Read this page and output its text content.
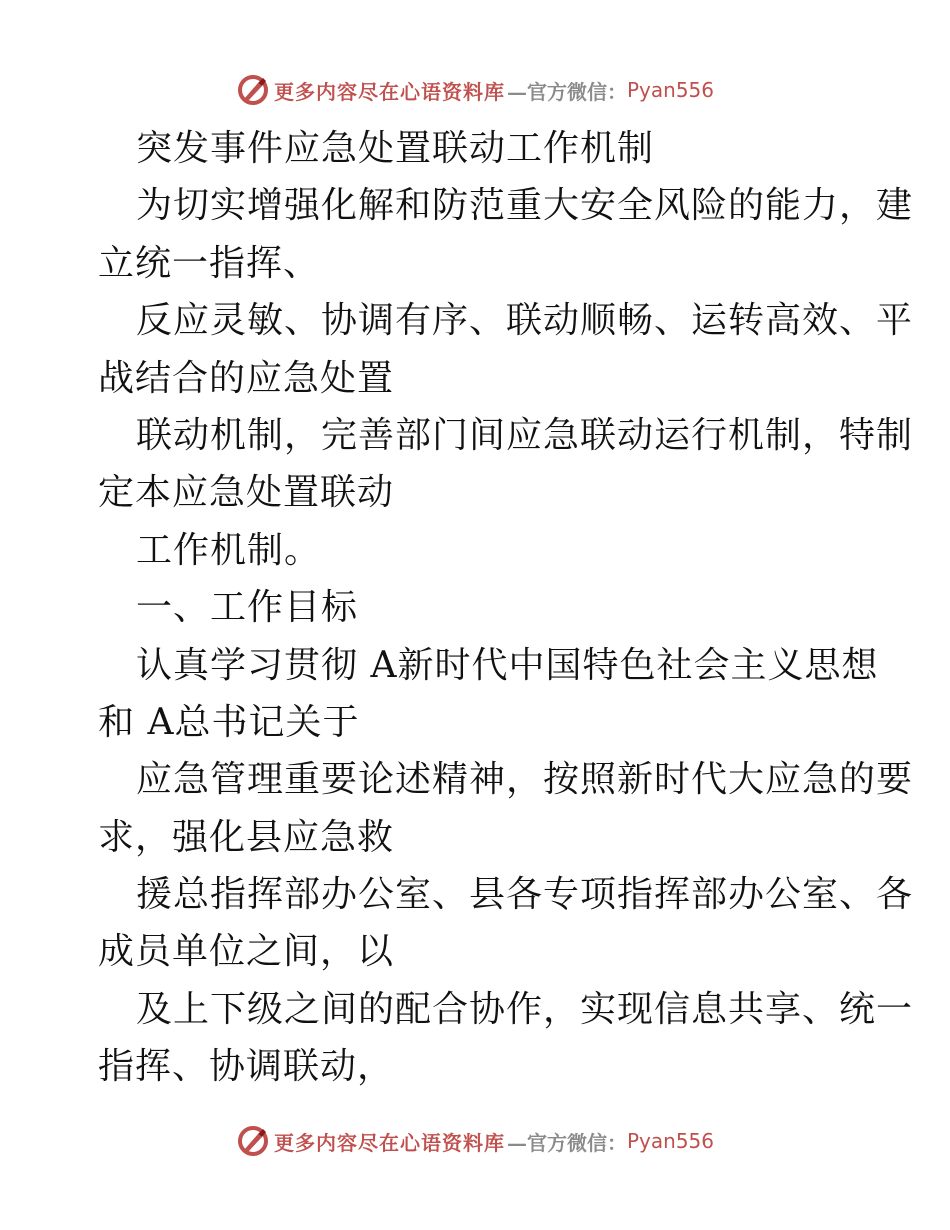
更多内容尽在心语资料库 —官方微信： Pyan556
突发事件应急处置联动工作机制
为切实增强化解和防范重大安全风险的能力，建
立统一指挥、
反应灵敏、协调有序、联动顺畅、运转高效、平
战结合的应急处置
联动机制，完善部门间应急联动运行机制，特制
定本应急处置联动
工作机制。
一、工作目标
认真学习贯彻 A新时代中国特色社会主义思想
和 A总书记关于
应急管理重要论述精神，按照新时代大应急的要
求，强化县应急救
援总指挥部办公室、县各专项指挥部办公室、各
成员单位之间，以
及上下级之间的配合协作，实现信息共享、统一
指挥、协调联动，
更多内容尽在心语资料库 —官方微信： Pyan556
